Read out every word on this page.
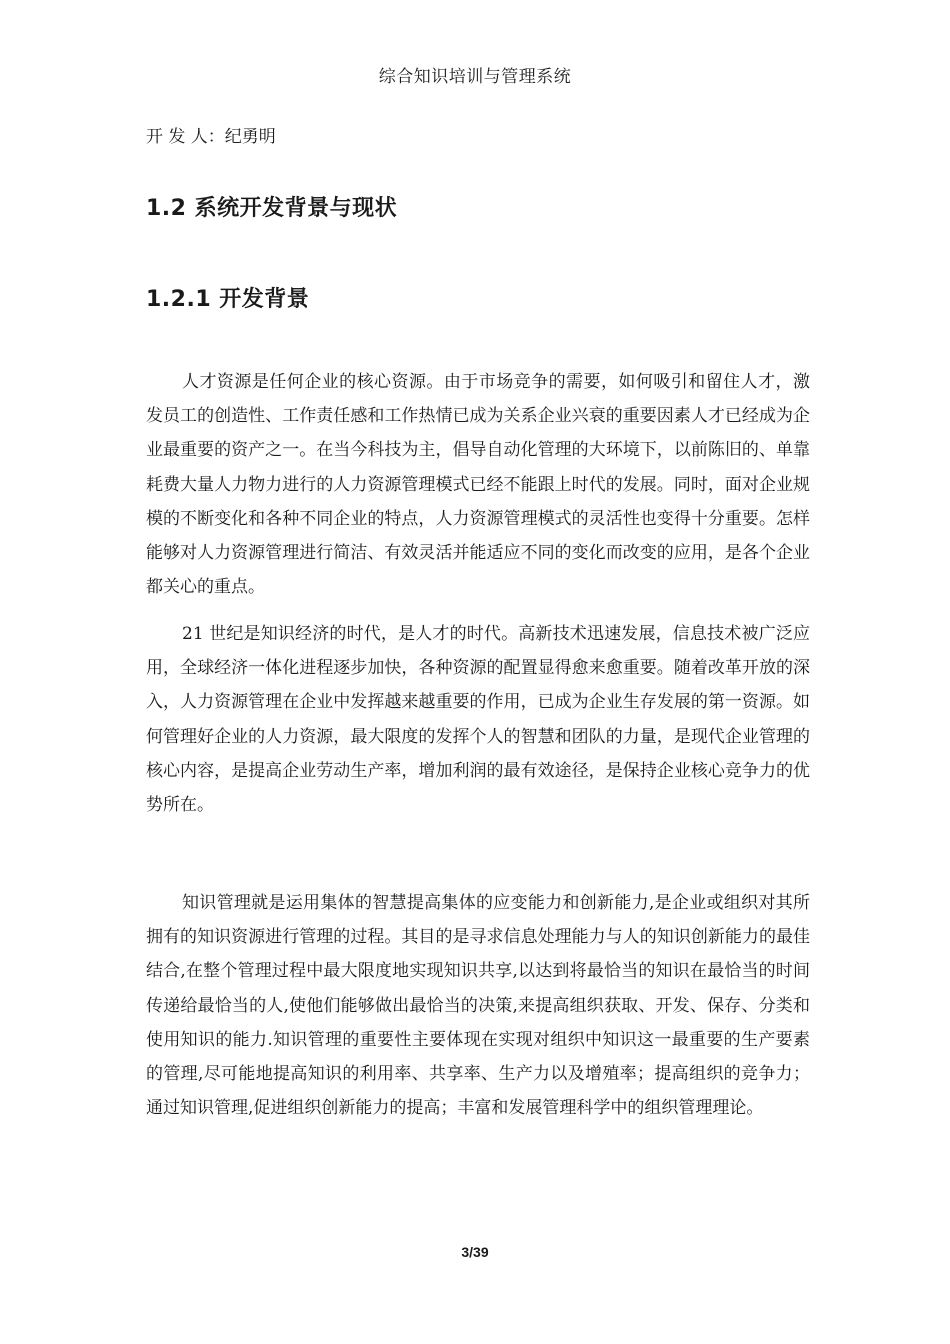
综合知识培训与管理系统
开 发 人：纪勇明
1.2 系统开发背景与现状
1.2.1 开发背景

人才资源是任何企业的核心资源。由于市场竞争的需要，如何吸引和留住人才，激发员工的创造性、工作责任感和工作热情已成为关系企业兴衰的重要因素人才已经成为企业最重要的资产之一。在当今科技为主，倡导自动化管理的大环境下，以前陈旧的、单靠耗费大量人力物力进行的人力资源管理模式已经不能跟上时代的发展。同时，面对企业规模的不断变化和各种不同企业的特点，人力资源管理模式的灵活性也变得十分重要。怎样能够对人力资源管理进行简洁、有效灵活并能适应不同的变化而改变的应用，是各个企业都关心的重点。

21 世纪是知识经济的时代，是人才的时代。高新技术迅速发展，信息技术被广泛应用，全球经济一体化进程逐步加快，各种资源的配置显得愈来愈重要。随着改革开放的深入，人力资源管理在企业中发挥越来越重要的作用，已成为企业生存发展的第一资源。如何管理好企业的人力资源，最大限度的发挥个人的智慧和团队的力量，是现代企业管理的核心内容，是提高企业劳动生产率，增加利润的最有效途径，是保持企业核心竞争力的优势所在。

知识管理就是运用集体的智慧提高集体的应变能力和创新能力,是企业或组织对其所拥有的知识资源进行管理的过程。其目的是寻求信息处理能力与人的知识创新能力的最佳结合,在整个管理过程中最大限度地实现知识共享,以达到将最恰当的知识在最恰当的时间传递给最恰当的人,使他们能够做出最恰当的决策,来提高组织获取、开发、保存、分类和使用知识的能力.知识管理的重要性主要体现在实现对组织中知识这一最重要的生产要素的管理,尽可能地提高知识的利用率、共享率、生产力以及增殖率；提高组织的竞争力；通过知识管理,促进组织创新能力的提高；丰富和发展管理科学中的组织管理理论。

3/39
